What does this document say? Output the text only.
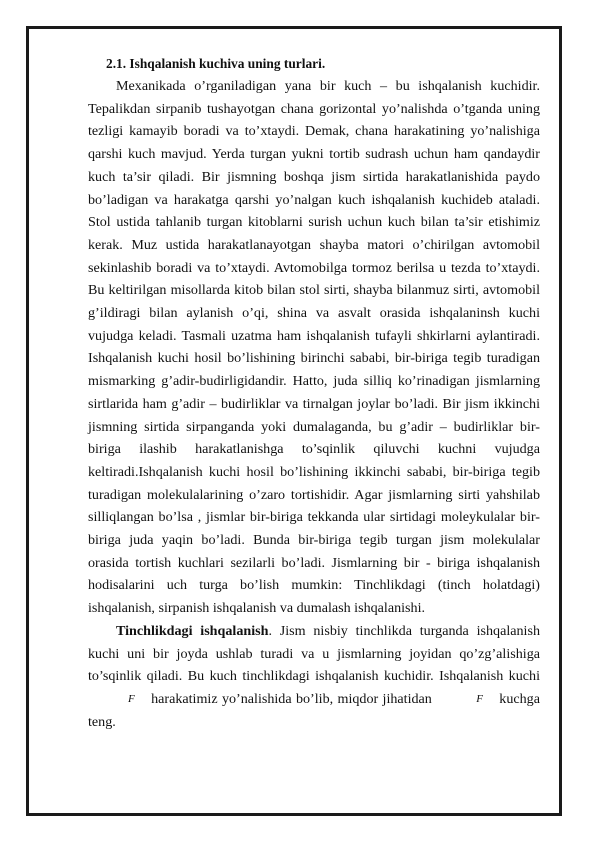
2.1. Ishqalanish kuchiva uning turlari.

Mexanikada o’rganiladigan yana bir kuch – bu ishqalanish kuchidir. Tepalikdan sirpanib tushayotgan chana gorizontal yo’nalishda o’tganda uning tezligi kamayib boradi va to’xtaydi. Demak, chana harakatining yo’nalishiga qarshi kuch mavjud. Yerda turgan yukni tortib sudrash uchun ham qandaydir kuch ta’sir qiladi. Bir jismning boshqa jism sirtida harakatlanishida paydo bo’ladigan va harakatga qarshi yo’nalgan kuch ishqalanish kuchideb ataladi. Stol ustida tahlanib turgan kitoblarni surish uchun kuch bilan ta’sir etishimiz kerak. Muz ustida harakatlanayotgan shayba matori o’chirilgan avtomobil sekinlashib boradi va to’xtaydi. Avtomobilga tormoz berilsa u tezda to’xtaydi. Bu keltirilgan misollarda kitob bilan stol sirti, shayba bilanmuz sirti, avtomobil g’ildiragi bilan aylanish o’qi, shina va asvalt orasida ishqalaninsh kuchi vujudga keladi. Tasmali uzatma ham ishqalanish tufayli shkirlarni aylantiradi. Ishqalanish kuchi hosil bo’lishining birinchi sababi, bir-biriga tegib turadigan mismarking g’adir-budirligidandir. Hatto, juda silliq ko’rinadigan jismlarning sirtlarida ham g’adir – budirliklar va tirnalgan joylar bo’ladi. Bir jism ikkinchi jismning sirtida sirpanganda yoki dumalaganda, bu g’adir – budirliklar bir-biriga ilashib harakatlanishga to’sqinlik qiluvchi kuchni vujudga keltiradi.Ishqalanish kuchi hosil bo’lishining ikkinchi sababi, bir-biriga tegib turadigan molekulalarining o’zaro tortishidir. Agar jismlarning sirti yahshilab silliqlangan bo’lsa , jismlar bir-biriga tekkanda ular sirtidagi moleykulalar bir-biriga juda yaqin bo’ladi. Bunda bir-biriga tegib turgan jism molekulalar orasida tortish kuchlari sezilarli bo’ladi. Jismlarning bir - biriga ishqalanish hodisalarini uch turga bo’lish mumkin: Tinchlikdagi (tinch holatdagi) ishqalanish, sirpanish ishqalanish va dumalash ishqalanishi.

Tinchlikdagi ishqalanish. Jism nisbiy tinchlikda turganda ishqalanish kuchi uni bir joyda ushlab turadi va u jismlarning joyidan qo’zg’alishiga to’sqinlik qiladi. Bu kuch tinchlikdagi ishqalanish kuchidir. Ishqalanish kuchi F harakatimiz yo’nalishida bo’lib, miqdor jihatidan	F kuchga teng.
